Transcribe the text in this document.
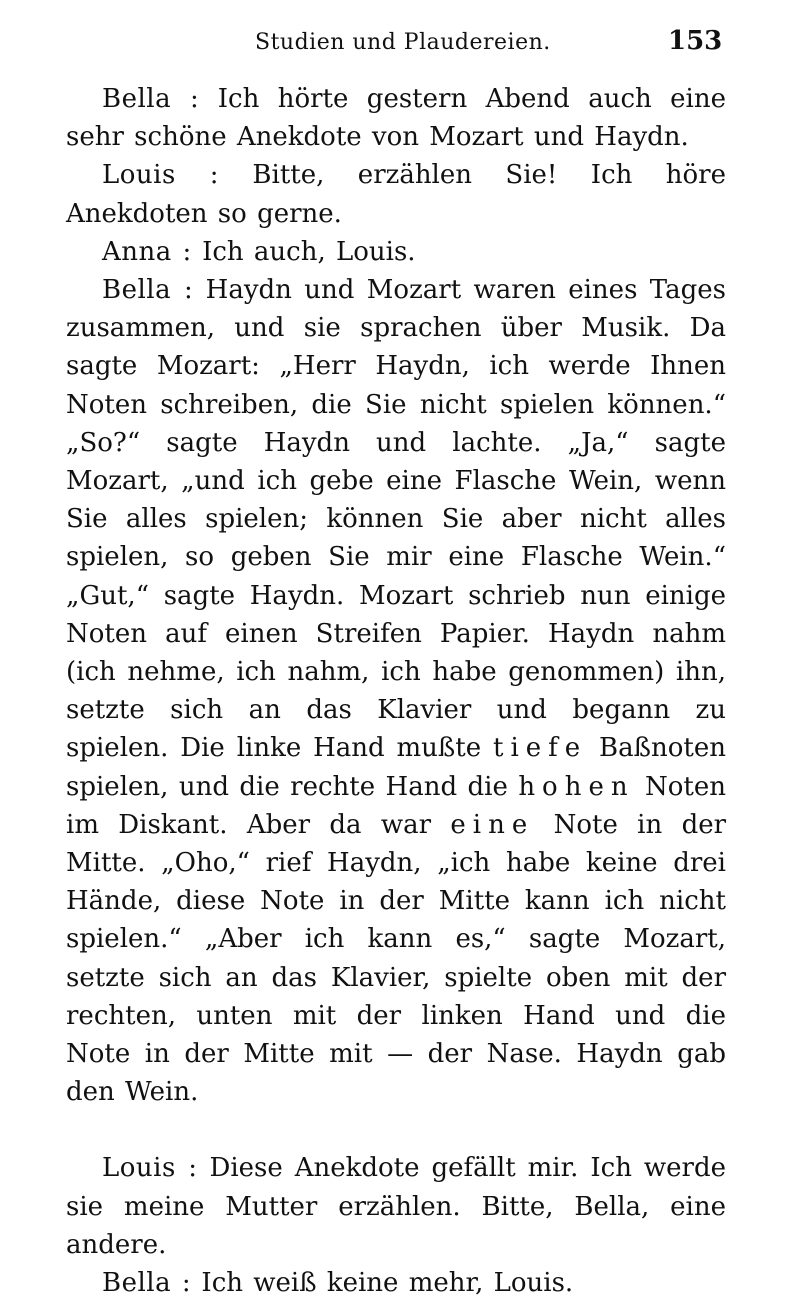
Studien und Plaudereien.	153

Bella : Ich hörte gestern Abend auch eine sehr schöne Anekdote von Mozart und Haydn.

Louis : Bitte, erzählen Sie! Ich höre Anekdoten so gerne.

Anna : Ich auch, Louis.

Bella : Haydn und Mozart waren eines Tages zusammen, und sie sprachen über Musik. Da sagte Mozart: „Herr Haydn, ich werde Ihnen Noten schreiben, die Sie nicht spielen können.“ „So?“ sagte Haydn und lachte. „Ja,“ sagte Mozart, „und ich gebe eine Flasche Wein, wenn Sie alles spielen; können Sie aber nicht alles spielen, so geben Sie mir eine Flasche Wein.“ „Gut,“ sagte Haydn. Mozart schrieb nun einige Noten auf einen Streifen Papier. Haydn nahm (ich nehme, ich nahm, ich habe genommen) ihn, setzte sich an das Klavier und begann zu spielen. Die linke Hand mußte tiefe Baßnoten spielen, und die rechte Hand die hohen Noten im Diskant. Aber da war eine Note in der Mitte. „Oho,“ rief Haydn, „ich habe keine drei Hände, diese Note in der Mitte kann ich nicht spielen.“ „Aber ich kann es,“ sagte Mozart, setzte sich an das Klavier, spielte oben mit der rechten, unten mit der linken Hand und die Note in der Mitte mit — der Nase. Haydn gab den Wein.

Louis : Diese Anekdote gefällt mir. Ich werde sie meine Mutter erzählen. Bitte, Bella, eine andere.

Bella : Ich weiß keine mehr, Louis.
